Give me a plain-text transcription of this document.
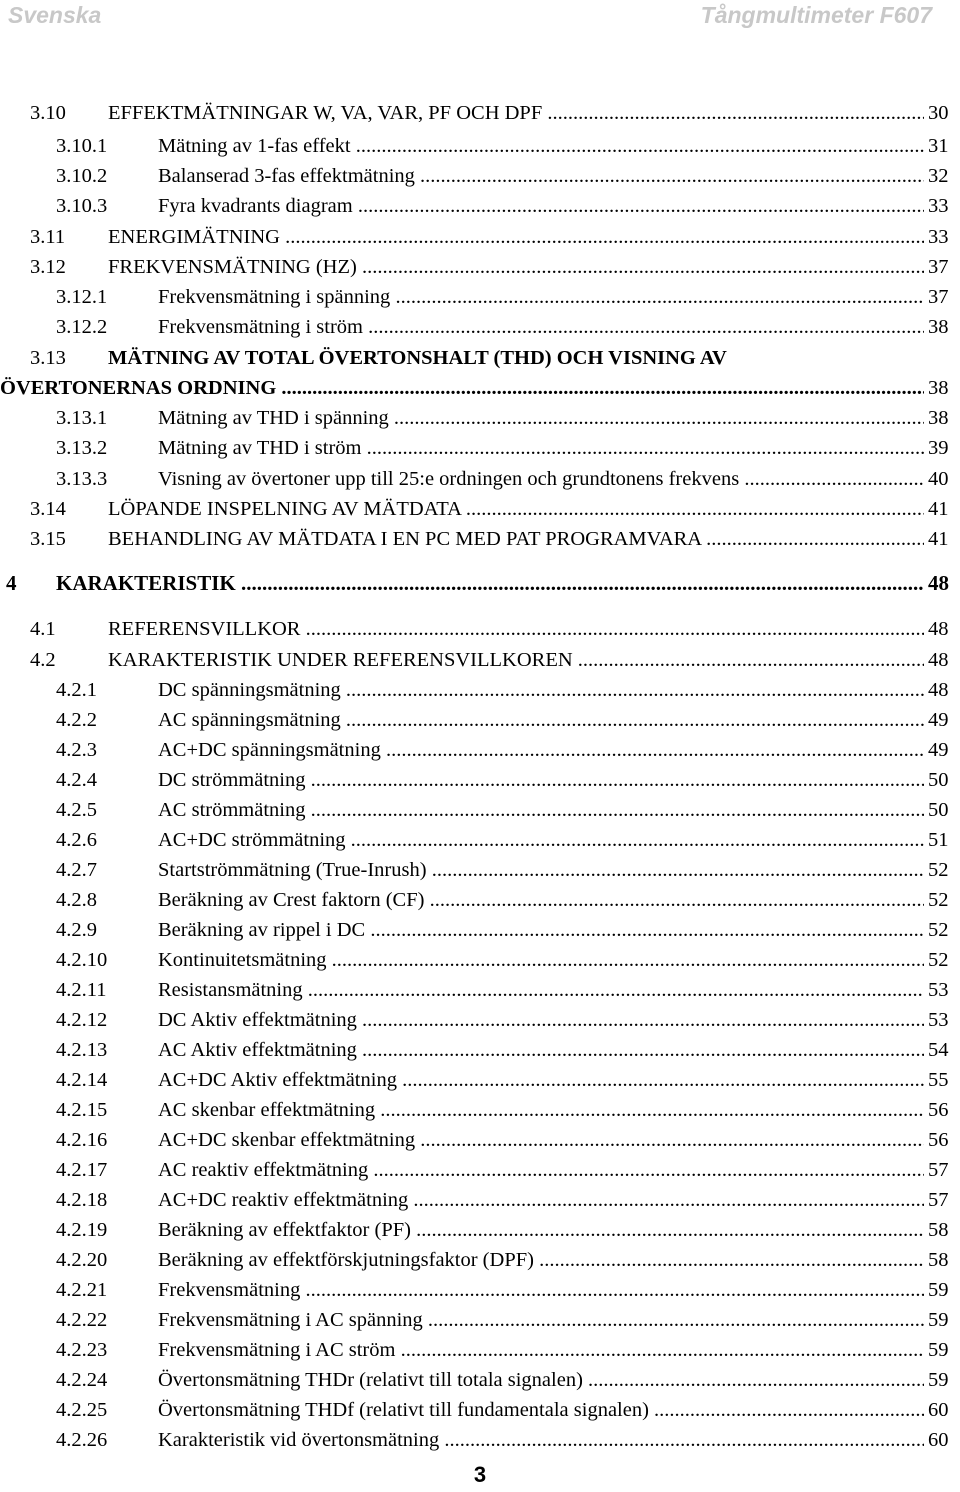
Svenska	Tångmultimeter F607
3.10 EFFEKTMÄTNINGAR W, VA, VAR, PF OCH DPF .....	30
3.10.1 Mätning av 1-fas effekt .....	31
3.10.2 Balanserad 3-fas effektmätning .....	32
3.10.3 Fyra kvadrants diagram .....	33
3.11 ENERGIMÄTNING .....	33
3.12 FREKVENSMÄTNING (HZ) .....	37
3.12.1 Frekvensmätning i spänning .....	37
3.12.2 Frekvensmätning i ström .....	38
3.13 MÄTNING AV TOTAL ÖVERTONSHALT (THD) OCH VISNING AV
ÖVERTONERNAS ORDNING .....	38
3.13.1 Mätning av THD i spänning .....	38
3.13.2 Mätning av THD i ström .....	39
3.13.3 Visning av övertoner upp till 25:e ordningen och grundtonens frekvens .....	40
3.14 LÖPANDE INSPELNING AV MÄTDATA .....	41
3.15 BEHANDLING AV MÄTDATA I EN PC MED PAT PROGRAMVARA .....	41
4 KARAKTERISTIK .....	48
4.1	REFERENSVILLKOR .....	48
4.2	KARAKTERISTIK UNDER REFERENSVILLKOREN .....	48
4.2.1	DC spänningsmätning .....	48
4.2.2	AC spänningsmätning .....	49
4.2.3	AC+DC spänningsmätning .....	49
4.2.4	DC strömmätning .....	50
4.2.5	AC strömmätning .....	50
4.2.6	AC+DC strömmätning .....	51
4.2.7	Startströmmätning (True-Inrush) .....	52
4.2.8	Beräkning av Crest faktorn (CF) .....	52
4.2.9	Beräkning av rippel i DC .....	52
4.2.10 Kontinuitetsmätning .....	52
4.2.11	Resistansmätning .....	53
4.2.12 DC Aktiv effektmätning .....	53
4.2.13 AC Aktiv effektmätning .....	54
4.2.14 AC+DC Aktiv effektmätning .....	55
4.2.15 AC skenbar effektmätning .....	56
4.2.16 AC+DC skenbar effektmätning .....	56
4.2.17 AC reaktiv effektmätning .....	57
4.2.18 AC+DC reaktiv effektmätning .....	57
4.2.19 Beräkning av effektfaktor (PF) .....	58
4.2.20 Beräkning av effektförskjutningsfaktor (DPF) .....	58
4.2.21 Frekvensmätning .....	59
4.2.22 Frekvensmätning i AC spänning .....	59
4.2.23 Frekvensmätning i AC ström .....	59
4.2.24 Övertonsmätning THDr (relativt till totala signalen) .....	59
4.2.25 Övertonsmätning THDf (relativt till fundamentala signalen) .....	60
4.2.26 Karakteristik vid övertonsmätning .....	60
3
